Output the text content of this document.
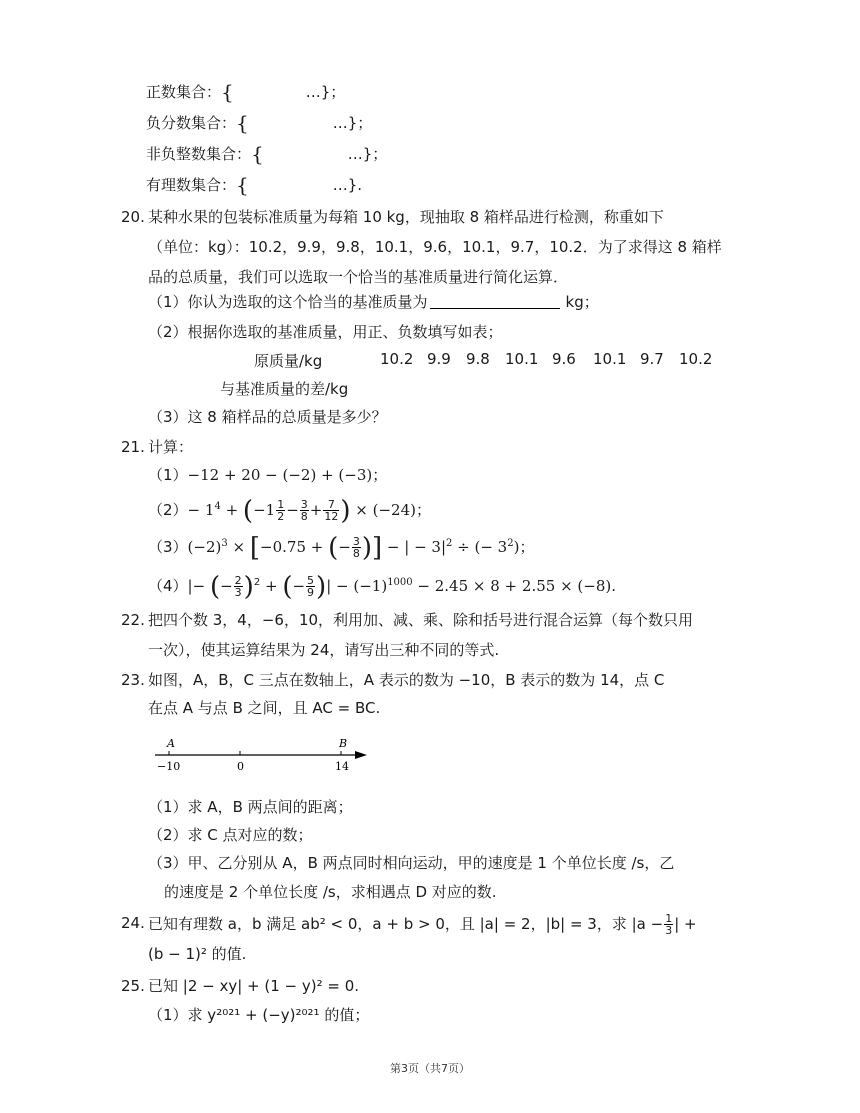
正数集合：{	…}；
负分数集合：{	…}；
非负整数集合：{	…}；
有理数集合：{	…}.
20. 某种水果的包装标准质量为每箱 10 kg，现抽取 8 箱样品进行检测，称重如下
（单位：kg）：10.2，9.9，9.8，10.1，9.6，10.1，9.7，10.2．为了求得这 8 箱样
品的总质量，我们可以选取一个恰当的基准质量进行简化运算．
（1）你认为选取的这个恰当的基准质量为	kg；
（2）根据你选取的基准质量，用正、负数填写如表；
原质量/kg	10.2 9.9 9.8 10.1 9.6 10.1 9.7 10.2
与基准质量的差/kg
（3）这 8 箱样品的总质量是多少？
21. 计算：
（1）−12 + 20 − (−2) + (−3)；
$(2)- 1^4 + (-1 \frac{1}{2} - \frac{3}{8} + \frac{7}{12}$ ) × (−24)；
$(3)(-2)^3 \times [-0.75$ + (− $\frac{3}{8}$ )] − | − $3|^2$ ÷ (− $3^2$)；
（4）|− (− $\frac{2}{3} )^2$ + (− $\frac{5}{9}$ )| − $(-1)^{1000} - 2.45 \times 8 + 2.55 \times (-8)$.
22. 把四个数 3，4，−6，10，利用加、减、乘、除和括号进行混合运算（每个数只用
一次），使其运算结果为 24，请写出三种不同的等式.
23. 如图，A，B，C 三点在数轴上，A 表示的数为 −10，B 表示的数为 14，点 C
在点 A 与点 B 之间，且 AC = BC.
A	B
−10	0	14
（1）求 A，B 两点间的距离；
（2）求 C 点对应的数；
（3）甲、乙分别从 A，B 两点同时相向运动，甲的速度是 1 个单位长度 /s，乙
的速度是 2 个单位长度 /s，求相遇点 D 对应的数.
24. 已知有理数 a，b 满足 ab² < 0，a + b > 0，且 |a| = 2，|b| = 3，求 $|a - \frac{1}{3}$ | +
(b − 1)² 的值.
25. 已知 |2 − xy| + (1 − y)² = 0.
（1）求 y²⁰²¹ + (−y)²⁰²¹ 的值；
第3页（共7页）
